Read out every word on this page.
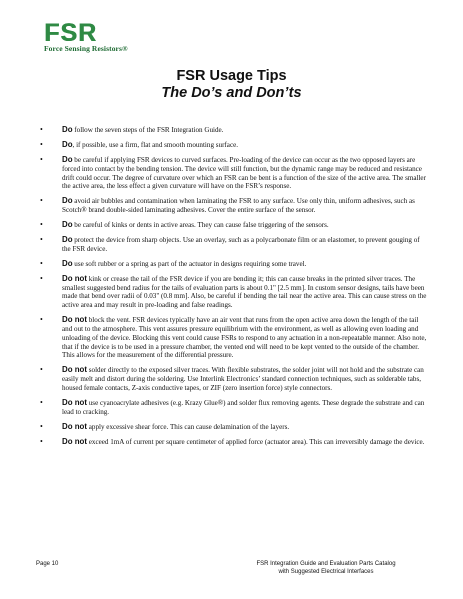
FSR
Force Sensing Resistors®
FSR Usage Tips
The Do’s and Don’ts
• Do follow the seven steps of the FSR Integration Guide.
• Do, if possible, use a firm, flat and smooth mounting surface.
• Do be careful if applying FSR devices to curved surfaces. Pre-loading of the device can occur as the two opposed layers are forced into contact by the bending tension. The device will still function, but the dynamic range may be reduced and resistance drift could occur. The degree of curvature over which an FSR can be bent is a function of the size of the active area. The smaller the active area, the less effect a given curvature will have on the FSR’s response.
• Do avoid air bubbles and contamination when laminating the FSR to any surface. Use only thin, uniform adhesives, such as Scotch® brand double-sided laminating adhesives. Cover the entire surface of the sensor.
• Do be careful of kinks or dents in active areas. They can cause false triggering of the sensors.
• Do protect the device from sharp objects. Use an overlay, such as a polycarbonate film or an elastomer, to prevent gouging of the FSR device.
• Do use soft rubber or a spring as part of the actuator in designs requiring some travel.
• Do not kink or crease the tail of the FSR device if you are bending it; this can cause breaks in the printed silver traces. The smallest suggested bend radius for the tails of evaluation parts is about 0.1" [2.5 mm]. In custom sensor designs, tails have been made that bend over radii of 0.03" (0.8 mm]. Also, be careful if bending the tail near the active area. This can cause stress on the active area and may result in pre-loading and false readings.
• Do not block the vent. FSR devices typically have an air vent that runs from the open active area down the length of the tail and out to the atmosphere. This vent assures pressure equilibrium with the environment, as well as allowing even loading and unloading of the device. Blocking this vent could cause FSRs to respond to any actuation in a non-repeatable manner. Also note, that if the device is to be used in a pressure chamber, the vented end will need to be kept vented to the outside of the chamber. This allows for the measurement of the differential pressure.
• Do not solder directly to the exposed silver traces. With flexible substrates, the solder joint will not hold and the substrate can easily melt and distort during the soldering. Use Interlink Electronics’ standard connection techniques, such as solderable tabs, housed female contacts, Z-axis conductive tapes, or ZIF (zero insertion force) style connectors.
• Do not use cyanoacrylate adhesives (e.g. Krazy Glue®) and solder flux removing agents. These degrade the substrate and can lead to cracking.
• Do not apply excessive shear force. This can cause delamination of the layers.
• Do not exceed 1mA of current per square centimeter of applied force (actuator area). This can irreversibly damage the device.
Page 10	FSR Integration Guide and Evaluation Parts Catalog
with Suggested Electrical Interfaces
